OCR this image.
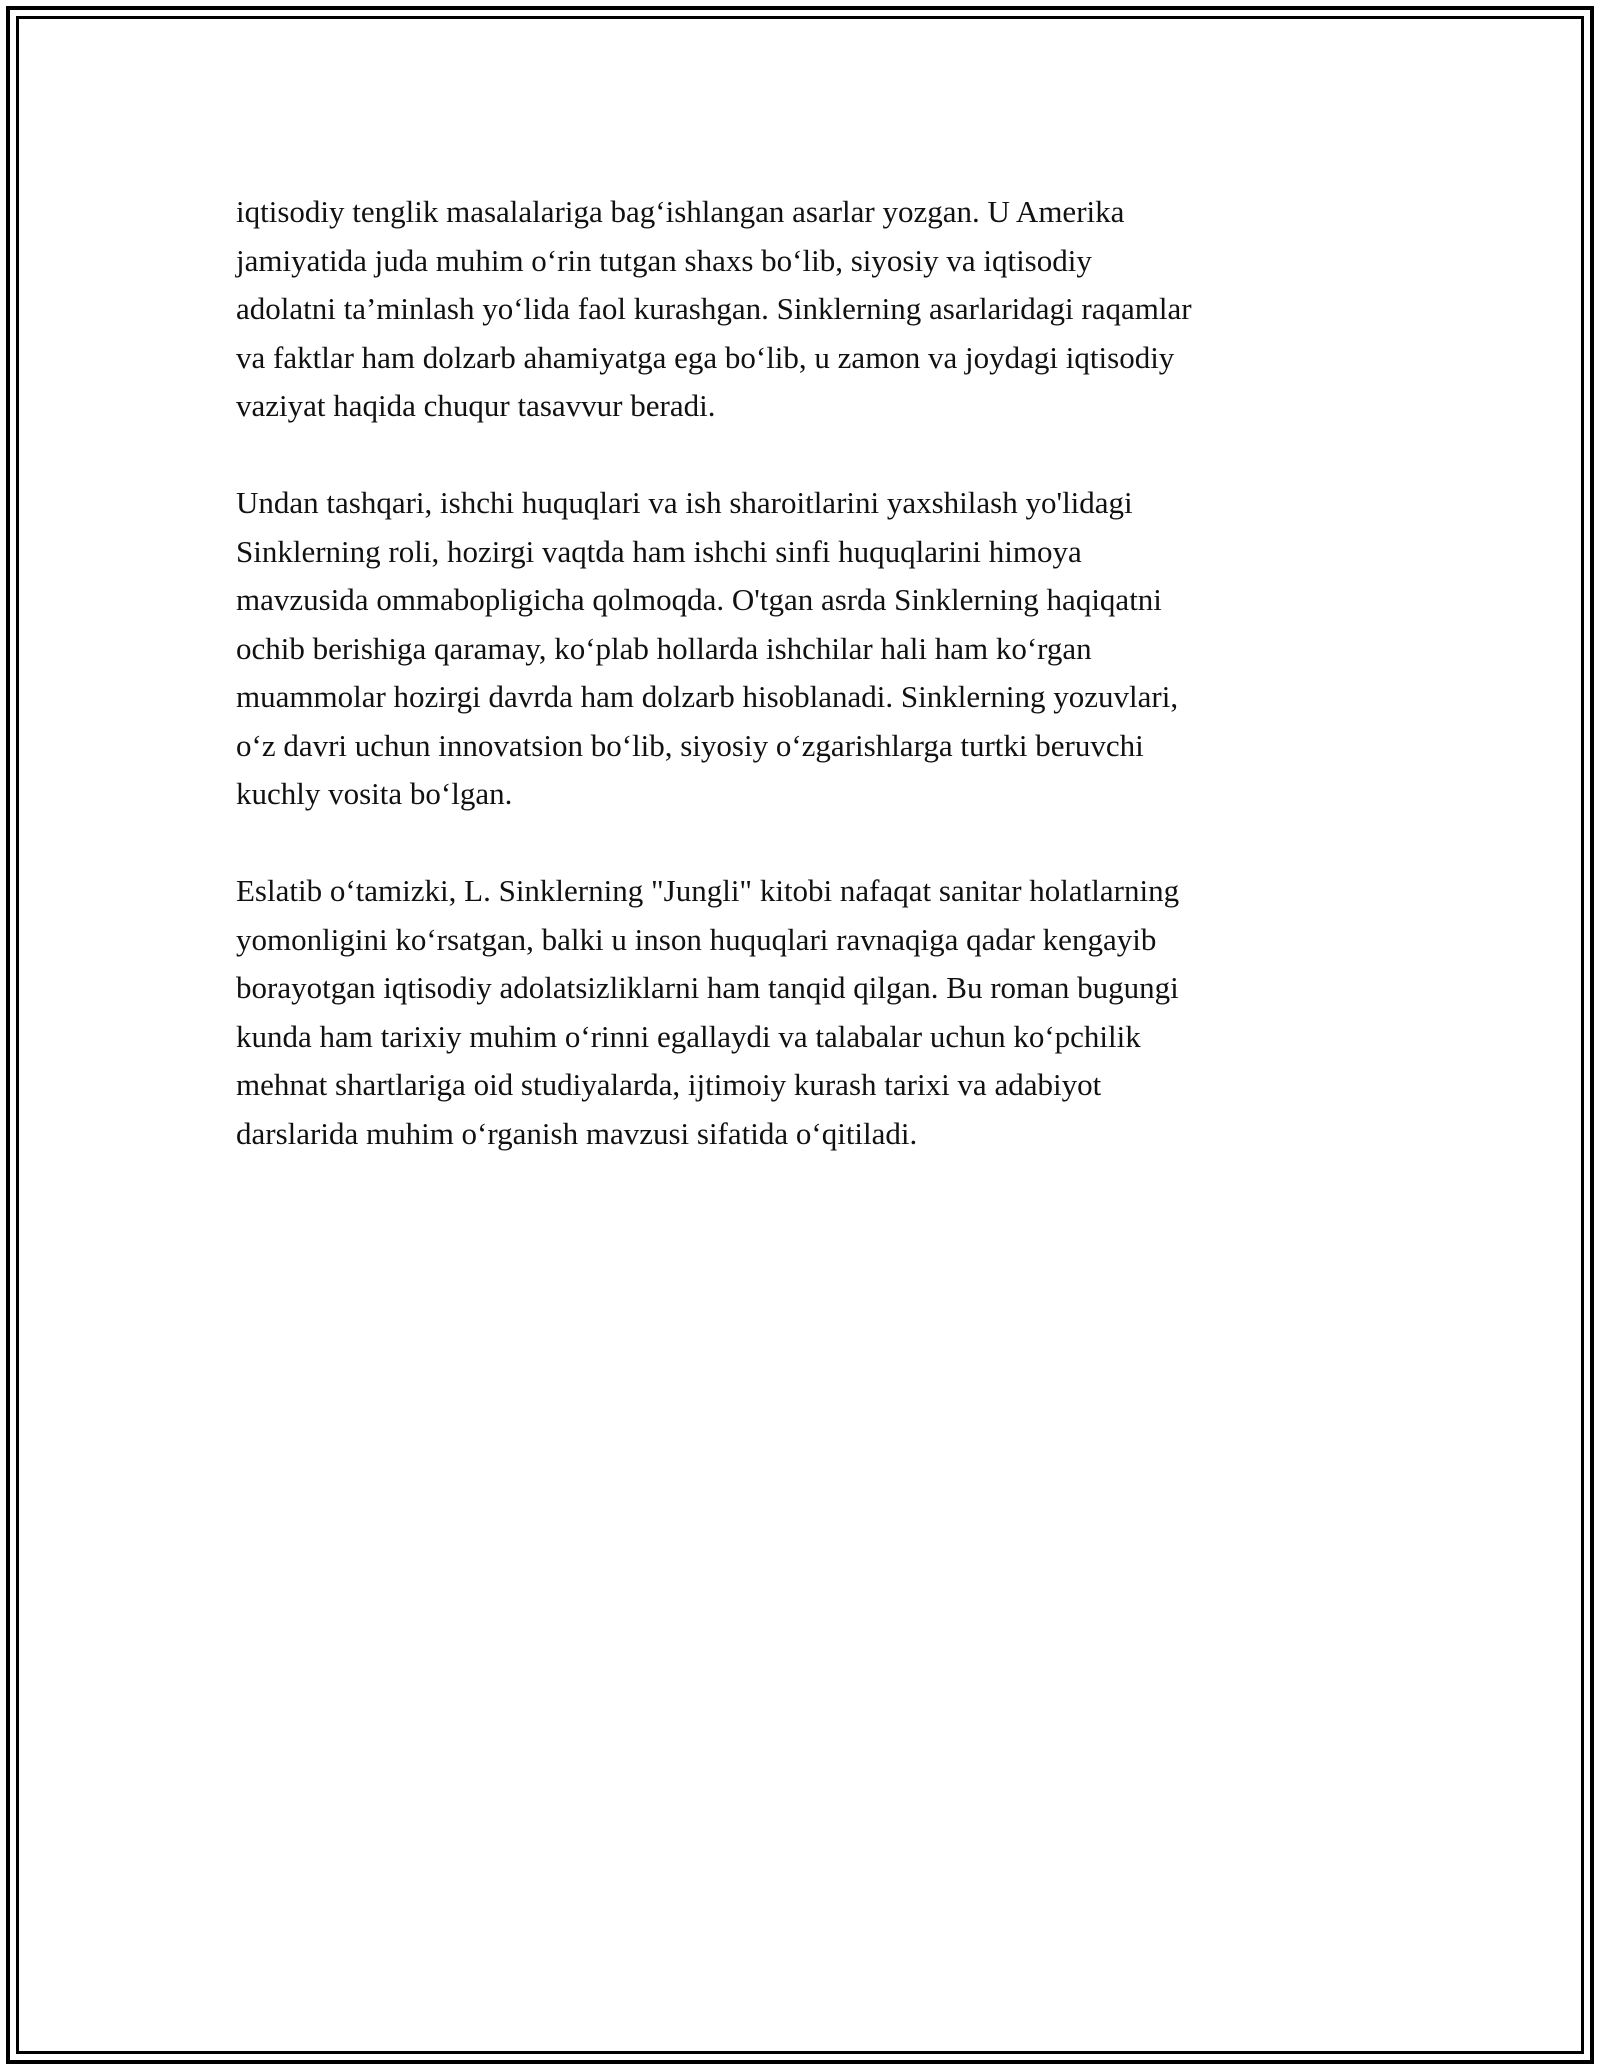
iqtisodiy tenglik masalalariga bag‘ishlangan asarlar yozgan. U Amerika
jamiyatida juda muhim o‘rin tutgan shaxs bo‘lib, siyosiy va iqtisodiy
adolatni ta’minlash yo‘lida faol kurashgan. Sinklerning asarlaridagi raqamlar
va faktlar ham dolzarb ahamiyatga ega bo‘lib, u zamon va joydagi iqtisodiy
vaziyat haqida chuqur tasavvur beradi.

Undan tashqari, ishchi huquqlari va ish sharoitlarini yaxshilash yo'lidagi
Sinklerning roli, hozirgi vaqtda ham ishchi sinfi huquqlarini himoya
mavzusida ommabopligicha qolmoqda. O'tgan asrda Sinklerning haqiqatni
ochib berishiga qaramay, ko‘plab hollarda ishchilar hali ham ko‘rgan
muammolar hozirgi davrda ham dolzarb hisoblanadi. Sinklerning yozuvlari,
o‘z davri uchun innovatsion bo‘lib, siyosiy o‘zgarishlarga turtki beruvchi
kuchly vosita bo‘lgan.

Eslatib o‘tamizki, L. Sinklerning "Jungli" kitobi nafaqat sanitar holatlarning
yomonligini ko‘rsatgan, balki u inson huquqlari ravnaqiga qadar kengayib
borayotgan iqtisodiy adolatsizliklarni ham tanqid qilgan. Bu roman bugungi
kunda ham tarixiy muhim o‘rinni egallaydi va talabalar uchun ko‘pchilik
mehnat shartlariga oid studiyalarda, ijtimoiy kurash tarixi va adabiyot
darslarida muhim o‘rganish mavzusi sifatida o‘qitiladi.
